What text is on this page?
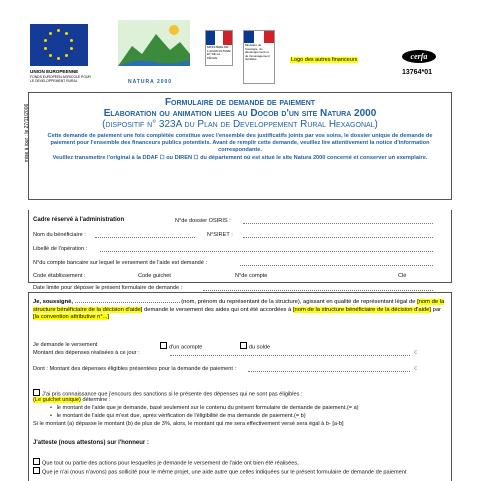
mise à jour : le 27/11/2006
UNION EUROPEENNE
FONDS EUROPEEN AGRICOLE POUR LE DEVELOPPEMENT RURAL	NATURA 2000
MINISTÈRE DE L'AGRICULTURE ET DE LA PÊCHE
Ministère de l'écologie, du développement et de l'aménagement durables	Logo des autres financeurs	cerfa
13764*01
Formulaire de demande de paiement
Elaboration ou animation liees au Docob d'un site Natura 2000
(dispositif n° 323A du Plan de Developpement Rural Hexagonal)
Cette demande de paiement une fois complétée constitue avec l'ensemble des justificatifs joints par vos soins, le dossier unique de demande de paiement pour l'ensemble des financeurs publics potentiels. Avant de remplir cette demande, veuillez lire attentivement la notice d'information correspondante.
Veuillez transmettre l'original à la DDAF ☐ ou DIREN ☐ du département où est situé le site Natura 2000 concerné et conserver un exemplaire.
Cadre réservé à l'administration	N°de dossier OSIRIS :
Nom du bénéficiaire :	N°SIRET :
Libellé de l'opération :
N°du compte bancaire sur lequel le versement de l'aide est demandé :
Code établissement :	Code guichet	N°de compte	Clé
Date limite pour déposer le présent formulaire de demande :
Je, soussigné,	(nom, prénom du représentant de la structure), agissant en qualité de représentant légal de [nom de la structure bénéficiaire de la décision d'aide] demande le versement des aides qui ont été accordées à [nom de la structure bénéficiaire de la décision d'aide] par [la convention attributive n°...]
Je demande le versement	d'un acompte	du solde
Montant des dépenses réalisées à ce jour :	€
Dont : Montant des dépenses éligibles présentées pour la demande de paiement :	€
J'ai pris connaissance que j'encours des sanctions si le présente des dépenses qui ne sont pas éligibles :
(Le guichet unique) détermine :
•   le montant de l'aide que je demande, basé seulement sur le contenu du présent formulaire de demande de paiement.(= a)
•   le montant de l'aide qui m'est due, après vérification de l'éligibilité de ma demande de paiement.(= b)
Si le montant (a) dépasse le montant (b) de plus de 3%, alors, le montant qui me sera effectivement versé sera égal à b- [a-b]
J'atteste (nous attestons) sur l'honneur :
Que tout ou partie des actions pour lesquelles je demande le versement de l'aide ont bien été réalisées,
Que je n'ai (nous n'avons) pas sollicité pour le même projet, une aide autre que celles indiquées sur le présent formulaire de demande de paiement
